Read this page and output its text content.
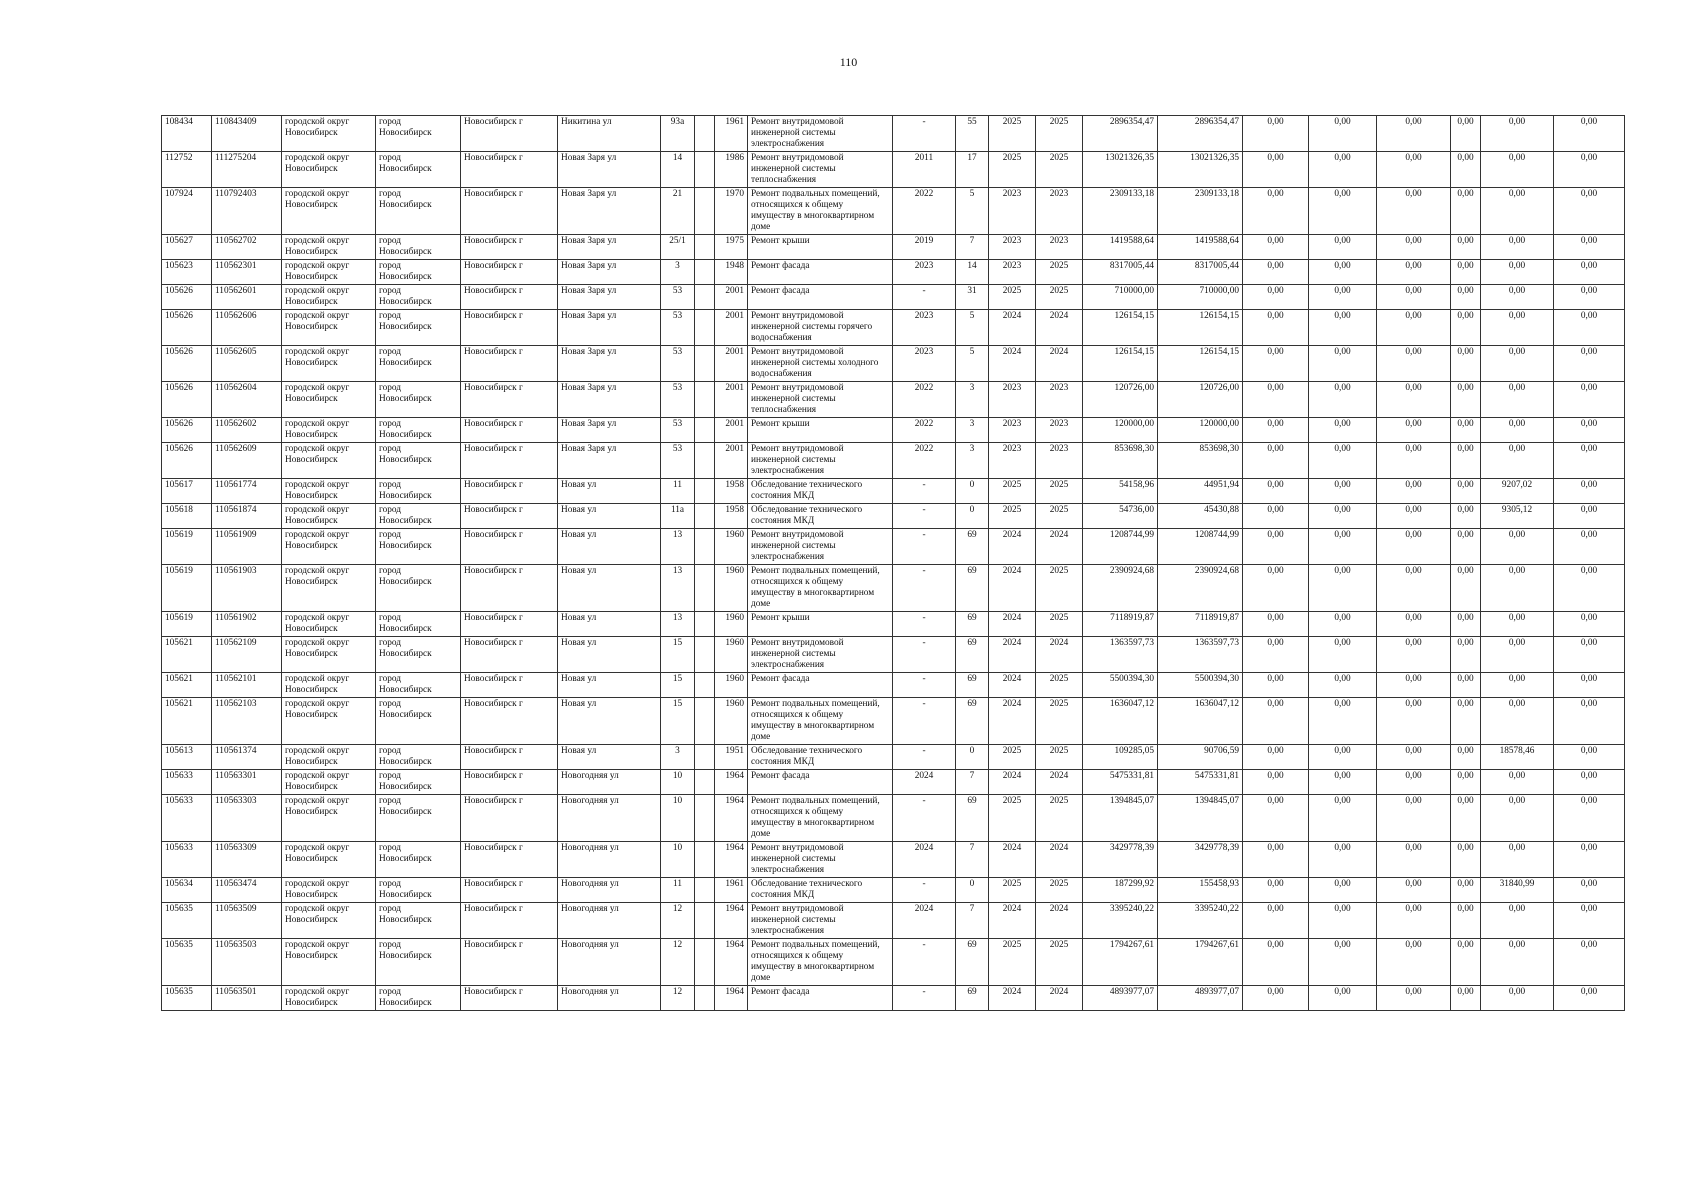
110
108434	110843409	городской округ
Новосибирск	город
Новосибирск	Новосибирск г	Никитина ул	93а		1961	Ремонт внутридомовой
инженерной системы
электроснабжения	-	55	2025	2025	2896354,47	2896354,47	0,00	0,00	0,00	0,00	0,00	0,00
112752	111275204	городской округ
Новосибирск	город
Новосибирск	Новосибирск г	Новая Заря ул	14		1986	Ремонт внутридомовой
инженерной системы
теплоснабжения	2011	17	2025	2025	13021326,35	13021326,35	0,00	0,00	0,00	0,00	0,00	0,00
107924	110792403	городской округ
Новосибирск	город
Новосибирск	Новосибирск г	Новая Заря ул	21		1970	Ремонт подвальных помещений,
относящихся к общему
имуществу в многоквартирном
доме	2022	5	2023	2023	2309133,18	2309133,18	0,00	0,00	0,00	0,00	0,00	0,00
105627	110562702	городской округ
Новосибирск	город
Новосибирск	Новосибирск г	Новая Заря ул	25/1		1975	Ремонт крыши	2019	7	2023	2023	1419588,64	1419588,64	0,00	0,00	0,00	0,00	0,00	0,00
105623	110562301	городской округ
Новосибирск	город
Новосибирск	Новосибирск г	Новая Заря ул	3		1948	Ремонт фасада	2023	14	2023	2025	8317005,44	8317005,44	0,00	0,00	0,00	0,00	0,00	0,00
105626	110562601	городской округ
Новосибирск	город
Новосибирск	Новосибирск г	Новая Заря ул	53		2001	Ремонт фасада	-	31	2025	2025	710000,00	710000,00	0,00	0,00	0,00	0,00	0,00	0,00
105626	110562606	городской округ
Новосибирск	город
Новосибирск	Новосибирск г	Новая Заря ул	53		2001	Ремонт внутридомовой
инженерной системы горячего
водоснабжения	2023	5	2024	2024	126154,15	126154,15	0,00	0,00	0,00	0,00	0,00	0,00
105626	110562605	городской округ
Новосибирск	город
Новосибирск	Новосибирск г	Новая Заря ул	53		2001	Ремонт внутридомовой
инженерной системы холодного
водоснабжения	2023	5	2024	2024	126154,15	126154,15	0,00	0,00	0,00	0,00	0,00	0,00
105626	110562604	городской округ
Новосибирск	город
Новосибирск	Новосибирск г	Новая Заря ул	53		2001	Ремонт внутридомовой
инженерной системы
теплоснабжения	2022	3	2023	2023	120726,00	120726,00	0,00	0,00	0,00	0,00	0,00	0,00
105626	110562602	городской округ
Новосибирск	город
Новосибирск	Новосибирск г	Новая Заря ул	53		2001	Ремонт крыши	2022	3	2023	2023	120000,00	120000,00	0,00	0,00	0,00	0,00	0,00	0,00
105626	110562609	городской округ
Новосибирск	город
Новосибирск	Новосибирск г	Новая Заря ул	53		2001	Ремонт внутридомовой
инженерной системы
электроснабжения	2022	3	2023	2023	853698,30	853698,30	0,00	0,00	0,00	0,00	0,00	0,00
105617	110561774	городской округ
Новосибирск	город
Новосибирск	Новосибирск г	Новая ул	11		1958	Обследование технического
состояния МКД	-	0	2025	2025	54158,96	44951,94	0,00	0,00	0,00	0,00	9207,02	0,00
105618	110561874	городской округ
Новосибирск	город
Новосибирск	Новосибирск г	Новая ул	11а		1958	Обследование технического
состояния МКД	-	0	2025	2025	54736,00	45430,88	0,00	0,00	0,00	0,00	9305,12	0,00
105619	110561909	городской округ
Новосибирск	город
Новосибирск	Новосибирск г	Новая ул	13		1960	Ремонт внутридомовой
инженерной системы
электроснабжения	-	69	2024	2024	1208744,99	1208744,99	0,00	0,00	0,00	0,00	0,00	0,00
105619	110561903	городской округ
Новосибирск	город
Новосибирск	Новосибирск г	Новая ул	13		1960	Ремонт подвальных помещений,
относящихся к общему
имуществу в многоквартирном
доме	-	69	2024	2025	2390924,68	2390924,68	0,00	0,00	0,00	0,00	0,00	0,00
105619	110561902	городской округ
Новосибирск	город
Новосибирск	Новосибирск г	Новая ул	13		1960	Ремонт крыши	-	69	2024	2025	7118919,87	7118919,87	0,00	0,00	0,00	0,00	0,00	0,00
105621	110562109	городской округ
Новосибирск	город
Новосибирск	Новосибирск г	Новая ул	15		1960	Ремонт внутридомовой
инженерной системы
электроснабжения	-	69	2024	2024	1363597,73	1363597,73	0,00	0,00	0,00	0,00	0,00	0,00
105621	110562101	городской округ
Новосибирск	город
Новосибирск	Новосибирск г	Новая ул	15		1960	Ремонт фасада	-	69	2024	2025	5500394,30	5500394,30	0,00	0,00	0,00	0,00	0,00	0,00
105621	110562103	городской округ
Новосибирск	город
Новосибирск	Новосибирск г	Новая ул	15		1960	Ремонт подвальных помещений,
относящихся к общему
имуществу в многоквартирном
доме	-	69	2024	2025	1636047,12	1636047,12	0,00	0,00	0,00	0,00	0,00	0,00
105613	110561374	городской округ
Новосибирск	город
Новосибирск	Новосибирск г	Новая ул	3		1951	Обследование технического
состояния МКД	-	0	2025	2025	109285,05	90706,59	0,00	0,00	0,00	0,00	18578,46	0,00
105633	110563301	городской округ
Новосибирск	город
Новосибирск	Новосибирск г	Новогодняя ул	10		1964	Ремонт фасада	2024	7	2024	2024	5475331,81	5475331,81	0,00	0,00	0,00	0,00	0,00	0,00
105633	110563303	городской округ
Новосибирск	город
Новосибирск	Новосибирск г	Новогодняя ул	10		1964	Ремонт подвальных помещений,
относящихся к общему
имуществу в многоквартирном
доме	-	69	2025	2025	1394845,07	1394845,07	0,00	0,00	0,00	0,00	0,00	0,00
105633	110563309	городской округ
Новосибирск	город
Новосибирск	Новосибирск г	Новогодняя ул	10		1964	Ремонт внутридомовой
инженерной системы
электроснабжения	2024	7	2024	2024	3429778,39	3429778,39	0,00	0,00	0,00	0,00	0,00	0,00
105634	110563474	городской округ
Новосибирск	город
Новосибирск	Новосибирск г	Новогодняя ул	11		1961	Обследование технического
состояния МКД	-	0	2025	2025	187299,92	155458,93	0,00	0,00	0,00	0,00	31840,99	0,00
105635	110563509	городской округ
Новосибирск	город
Новосибирск	Новосибирск г	Новогодняя ул	12		1964	Ремонт внутридомовой
инженерной системы
электроснабжения	2024	7	2024	2024	3395240,22	3395240,22	0,00	0,00	0,00	0,00	0,00	0,00
105635	110563503	городской округ
Новосибирск	город
Новосибирск	Новосибирск г	Новогодняя ул	12		1964	Ремонт подвальных помещений,
относящихся к общему
имуществу в многоквартирном
доме	-	69	2025	2025	1794267,61	1794267,61	0,00	0,00	0,00	0,00	0,00	0,00
105635	110563501	городской округ
Новосибирск	город
Новосибирск	Новосибирск г	Новогодняя ул	12		1964	Ремонт фасада	-	69	2024	2024	4893977,07	4893977,07	0,00	0,00	0,00	0,00	0,00	0,00
